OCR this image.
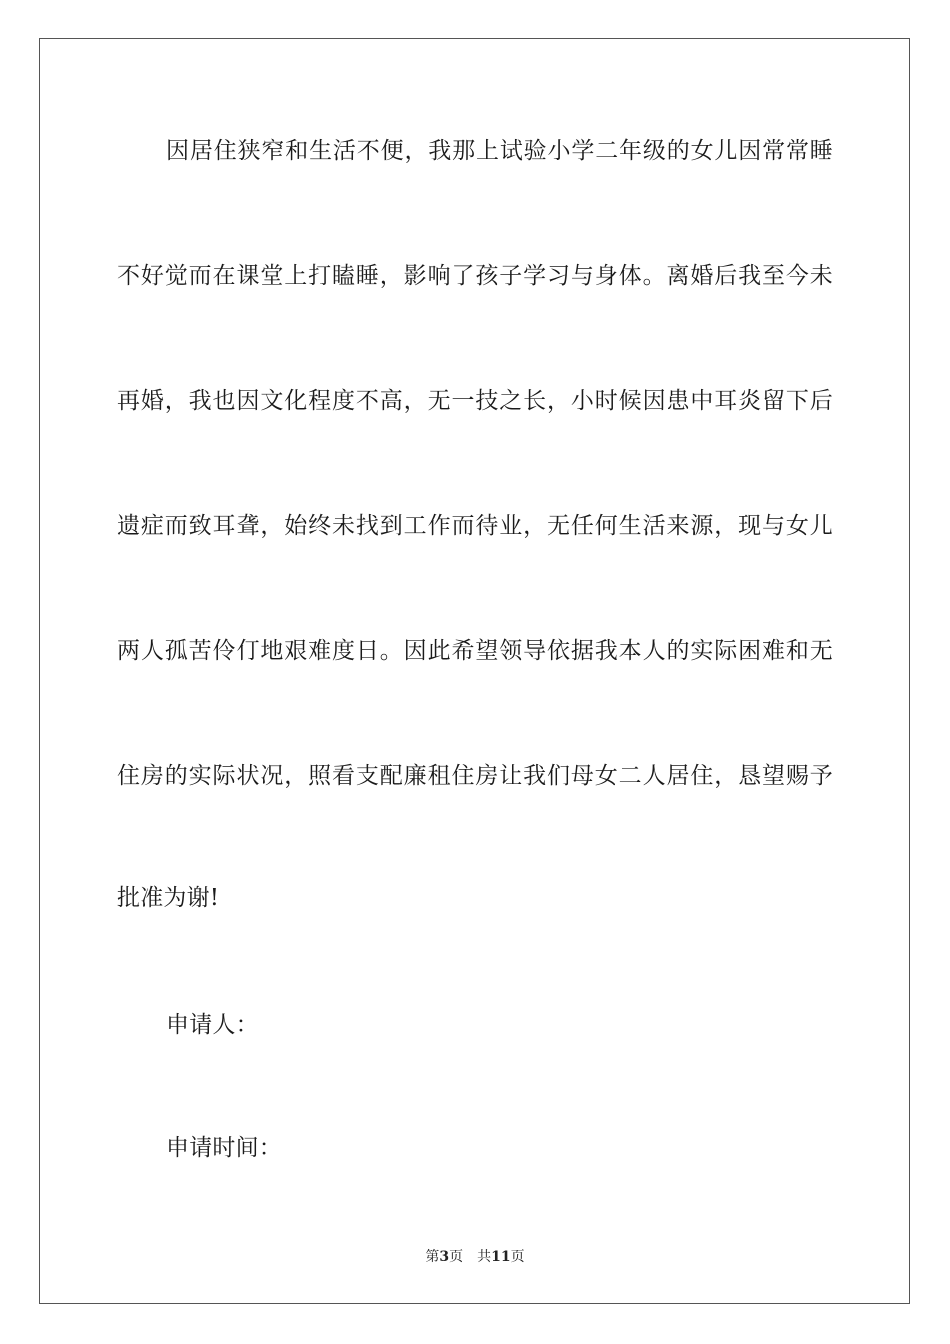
因居住狭窄和生活不便，我那上试验小学二年级的女儿因常常睡
不好觉而在课堂上打瞌睡，影响了孩子学习与身体。离婚后我至今未
再婚，我也因文化程度不高，无一技之长，小时候因患中耳炎留下后
遗症而致耳聋，始终未找到工作而待业，无任何生活来源，现与女儿
两人孤苦伶仃地艰难度日。因此希望领导依据我本人的实际困难和无
住房的实际状况，照看支配廉租住房让我们母女二人居住，恳望赐予
批准为谢!
申请人：
申请时间：
第3页 共11页
